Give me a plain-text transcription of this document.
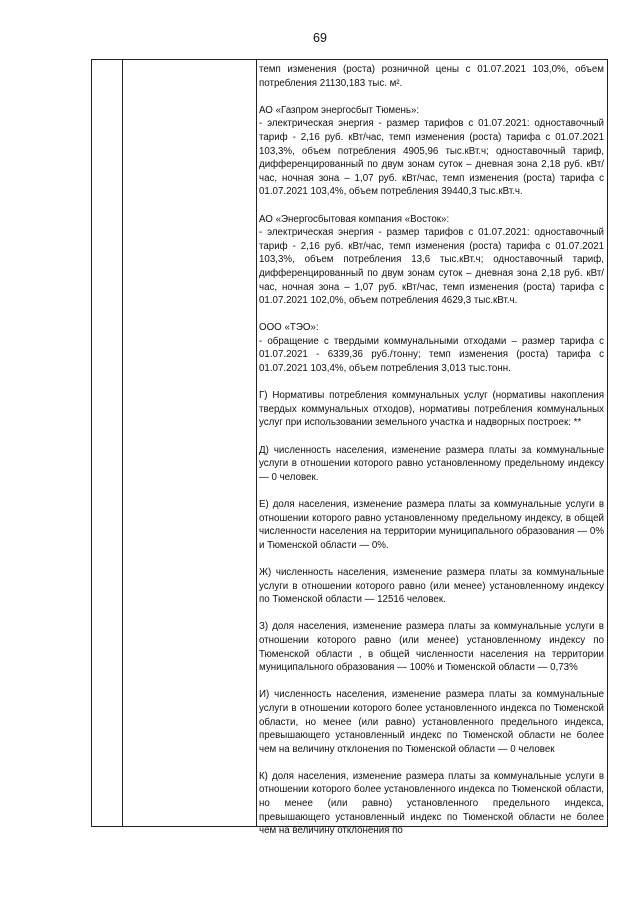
69

темп изменения (роста) розничной цены с 01.07.2021 103,0%, объем потребления 21130,183 тыс. м².

АО «Газпром энергосбыт Тюмень»:
- электрическая энергия - размер тарифов с 01.07.2021: одноставочный тариф - 2,16 руб. кВт/час, темп изменения (роста) тарифа с 01.07.2021 103,3%, объем потребления 4905,96 тыс.кВт.ч; одноставочный тариф, дифференцированный по двум зонам суток – дневная зона 2,18 руб. кВт/час, ночная зона – 1,07 руб. кВт/час, темп изменения (роста) тарифа с 01.07.2021 103,4%, объем потребления 39440,3 тыс.кВт.ч.

АО «Энергосбытовая компания «Восток»:
- электрическая энергия - размер тарифов с 01.07.2021: одноставочный тариф - 2,16 руб. кВт/час, темп изменения (роста) тарифа с 01.07.2021 103,3%, объем потребления 13,6 тыс.кВт.ч; одноставочный тариф, дифференцированный по двум зонам суток – дневная зона 2,18 руб. кВт/час, ночная зона – 1,07 руб. кВт/час, темп изменения (роста) тарифа с 01.07.2021 102,0%, объем потребления 4629,3 тыс.кВт.ч.

ООО «ТЭО»:
- обращение с твердыми коммунальными отходами – размер тарифа с 01.07.2021 - 6339,36 руб./тонну; темп изменения (роста) тарифа с 01.07.2021 103,4%, объем потребления 3,013 тыс.тонн.

Г) Нормативы потребления коммунальных услуг (нормативы накопления твердых коммунальных отходов), нормативы потребления коммунальных услуг при использовании земельного участка и надворных построек: **

Д) численность населения, изменение размера платы за коммунальные услуги в отношении которого равно установленному предельному индексу — 0 человек.

Е) доля населения, изменение размера платы за коммунальные услуги в отношении которого равно установленному предельному индексу, в общей численности населения на территории муниципального образования — 0% и Тюменской области — 0%.

Ж) численность населения, изменение размера платы за коммунальные услуги в отношении которого равно (или менее) установленному индексу по Тюменской области — 12516 человек.

З) доля населения, изменение размера платы за коммунальные услуги в отношении которого равно (или менее) установленному индексу по Тюменской области , в общей численности населения на территории муниципального образования — 100% и Тюменской области — 0,73%

И) численность населения, изменение размера платы за коммунальные услуги в отношении которого более установленного индекса по Тюменской области, но менее (или равно) установленного предельного индекса, превышающего установленный индекс по Тюменской области не более чем на величину отклонения по Тюменской области — 0 человек

К) доля населения, изменение размера платы за коммунальные услуги в отношении которого более установленного индекса по Тюменской области, но менее (или равно) установленного предельного индекса, превышающего установленный индекс по Тюменской области не более чем на величину отклонения по
